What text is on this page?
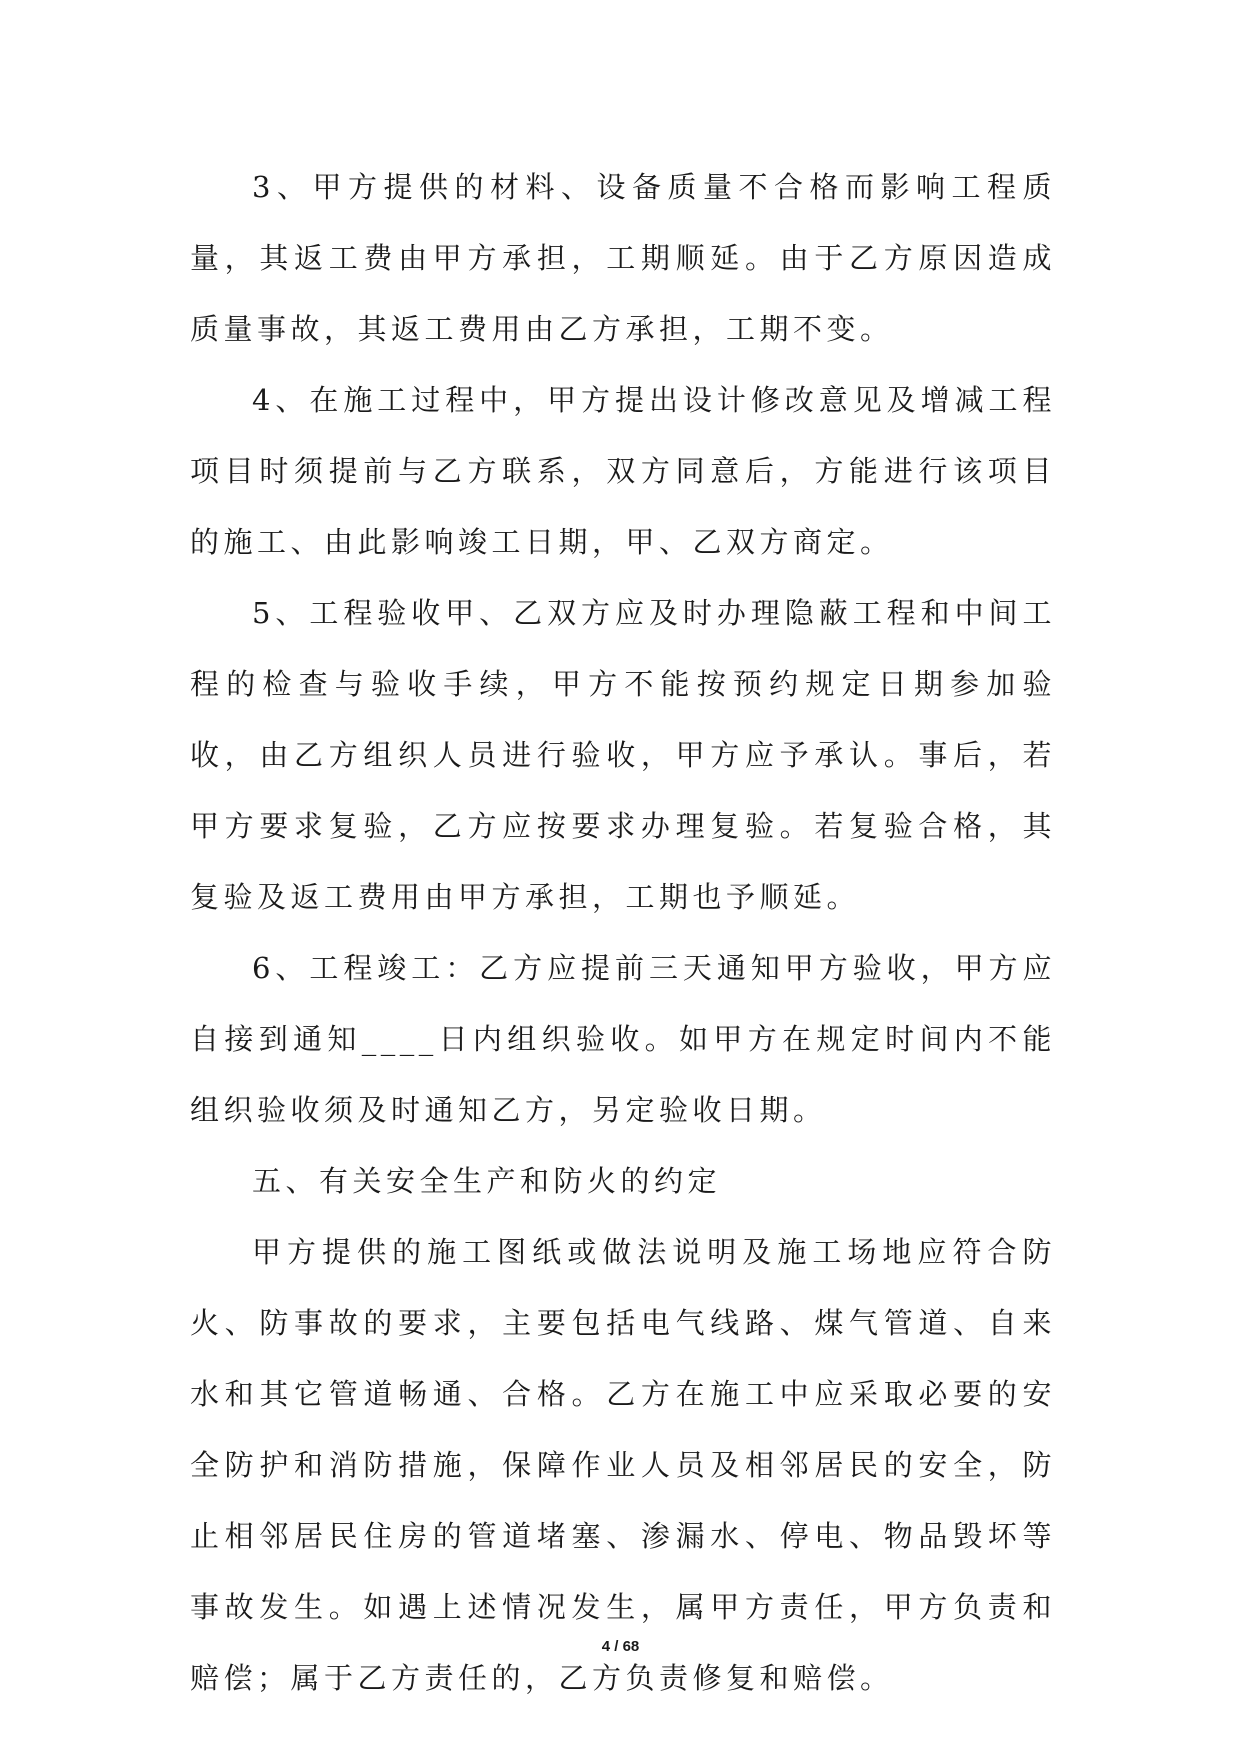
3、甲方提供的材料、设备质量不合格而影响工程质量，其返工费由甲方承担，工期顺延。由于乙方原因造成质量事故，其返工费用由乙方承担，工期不变。

4、在施工过程中，甲方提出设计修改意见及增减工程项目时须提前与乙方联系，双方同意后，方能进行该项目的施工、由此影响竣工日期，甲、乙双方商定。

5、工程验收甲、乙双方应及时办理隐蔽工程和中间工程的检查与验收手续，甲方不能按预约规定日期参加验收，由乙方组织人员进行验收，甲方应予承认。事后，若甲方要求复验，乙方应按要求办理复验。若复验合格，其复验及返工费用由甲方承担，工期也予顺延。

6、工程竣工：乙方应提前三天通知甲方验收，甲方应自接到通知____日内组织验收。如甲方在规定时间内不能组织验收须及时通知乙方，另定验收日期。

五、有关安全生产和防火的约定

甲方提供的施工图纸或做法说明及施工场地应符合防火、防事故的要求，主要包括电气线路、煤气管道、自来水和其它管道畅通、合格。乙方在施工中应采取必要的安全防护和消防措施，保障作业人员及相邻居民的安全，防止相邻居民住房的管道堵塞、渗漏水、停电、物品毁坏等事故发生。如遇上述情况发生，属甲方责任，甲方负责和赔偿；属于乙方责任的，乙方负责修复和赔偿。

4 / 68
